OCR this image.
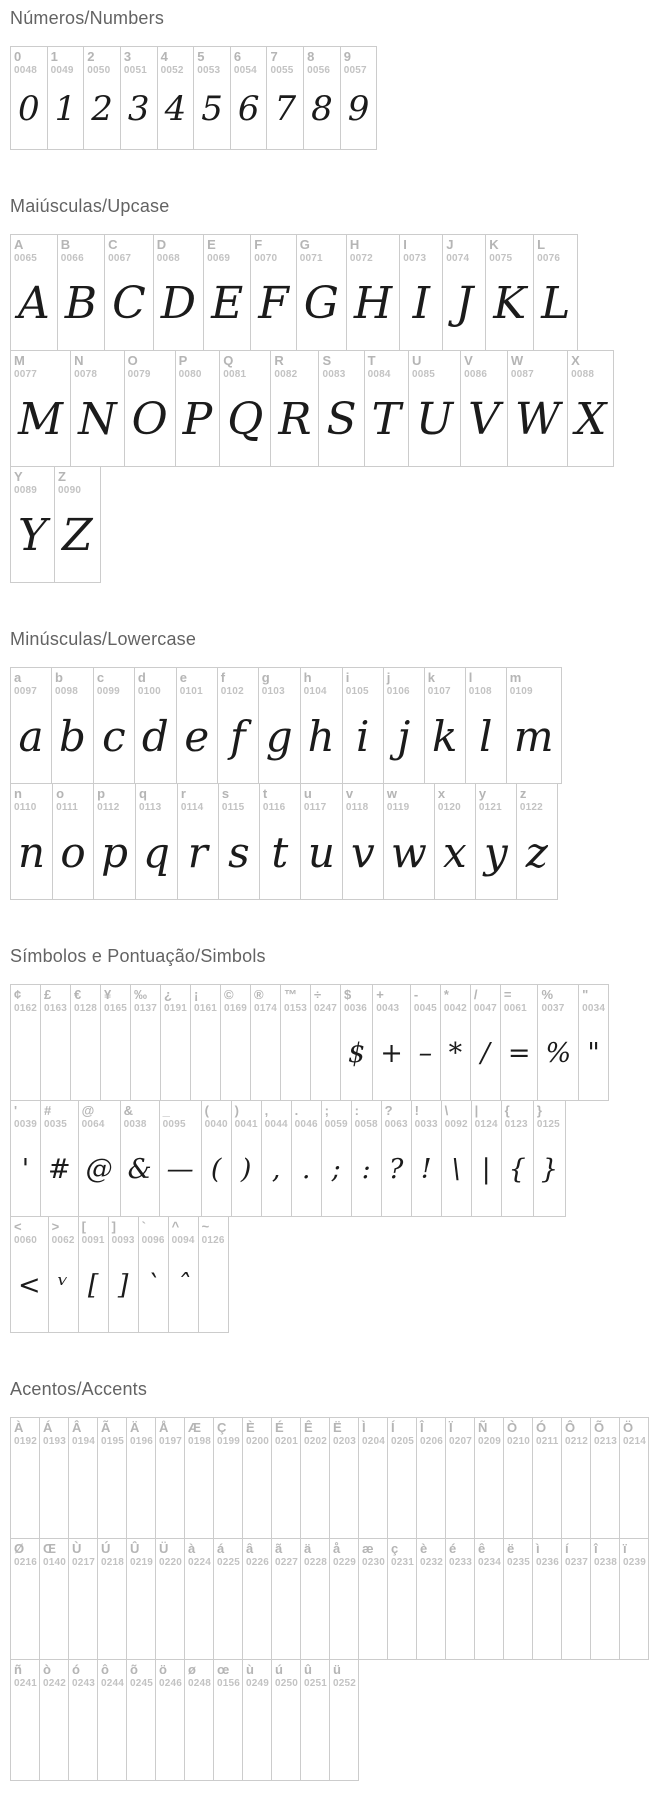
Números/Numbers
0
0048
0
1
0049
1
2
0050
2
3
0051
3
4
0052
4
5
0053
5
6
0054
6
7
0055
7
8
0056
8
9
0057
9
Maiúsculas/Upcase
A
0065
A
B
0066
B
C
0067
C
D
0068
D
E
0069
E
F
0070
F
G
0071
G
H
0072
H
I
0073
I
J
0074
J
K
0075
K
L
0076
L
M
0077
M
N
0078
N
O
0079
O
P
0080
P
Q
0081
Q
R
0082
R
S
0083
S
T
0084
T
U
0085
U
V
0086
V
W
0087
W
X
0088
X
Y
0089
Y
Z
0090
Z
Minúsculas/Lowercase
a
0097
a
b
0098
b
c
0099
c
d
0100
d
e
0101
e
f
0102
f
g
0103
g
h
0104
h
i
0105
i
j
0106
j
k
0107
k
l
0108
l
m
0109
m
n
0110
n
o
0111
o
p
0112
p
q
0113
q
r
0114
r
s
0115
s
t
0116
t
u
0117
u
v
0118
v
w
0119
w
x
0120
x
y
0121
y
z
0122
z
Símbolos e Pontuação/Simbols
¢
0162
£
0163
€
0128
¥
0165
‰
0137
¿
0191
¡
0161
©
0169
®
0174
™
0153
÷
0247
$
0036
$
+
0043
+
-
0045
–
*
0042
*
/
0047
/
=
0061
=
%
0037
%
"
0034
"
'
0039
'
#
0035
#
@
0064
@
&
0038
&
_
0095
—
(
0040
(
)
0041
)
,
0044
,
.
0046
.
;
0059
;
:
0058
:
?
0063
?
!
0033
!
\
0092
\
|
0124
|
{
0123
{
}
0125
}
<
0060
<
>
0062
ᵛ
[
0091
[
]
0093
]
`
0096
`
^
0094
ˆ
~
0126
Acentos/Accents
À
0192
Á
0193
Â
0194
Ã
0195
Ä
0196
Å
0197
Æ
0198
Ç
0199
È
0200
É
0201
Ê
0202
Ë
0203
Ì
0204
Í
0205
Î
0206
Ï
0207
Ñ
0209
Ò
0210
Ó
0211
Ô
0212
Õ
0213
Ö
0214
Ø
0216
Œ
0140
Ù
0217
Ú
0218
Û
0219
Ü
0220
à
0224
á
0225
â
0226
ã
0227
ä
0228
å
0229
æ
0230
ç
0231
è
0232
é
0233
ê
0234
ë
0235
ì
0236
í
0237
î
0238
ï
0239
ñ
0241
ò
0242
ó
0243
ô
0244
õ
0245
ö
0246
ø
0248
œ
0156
ù
0249
ú
0250
û
0251
ü
0252
